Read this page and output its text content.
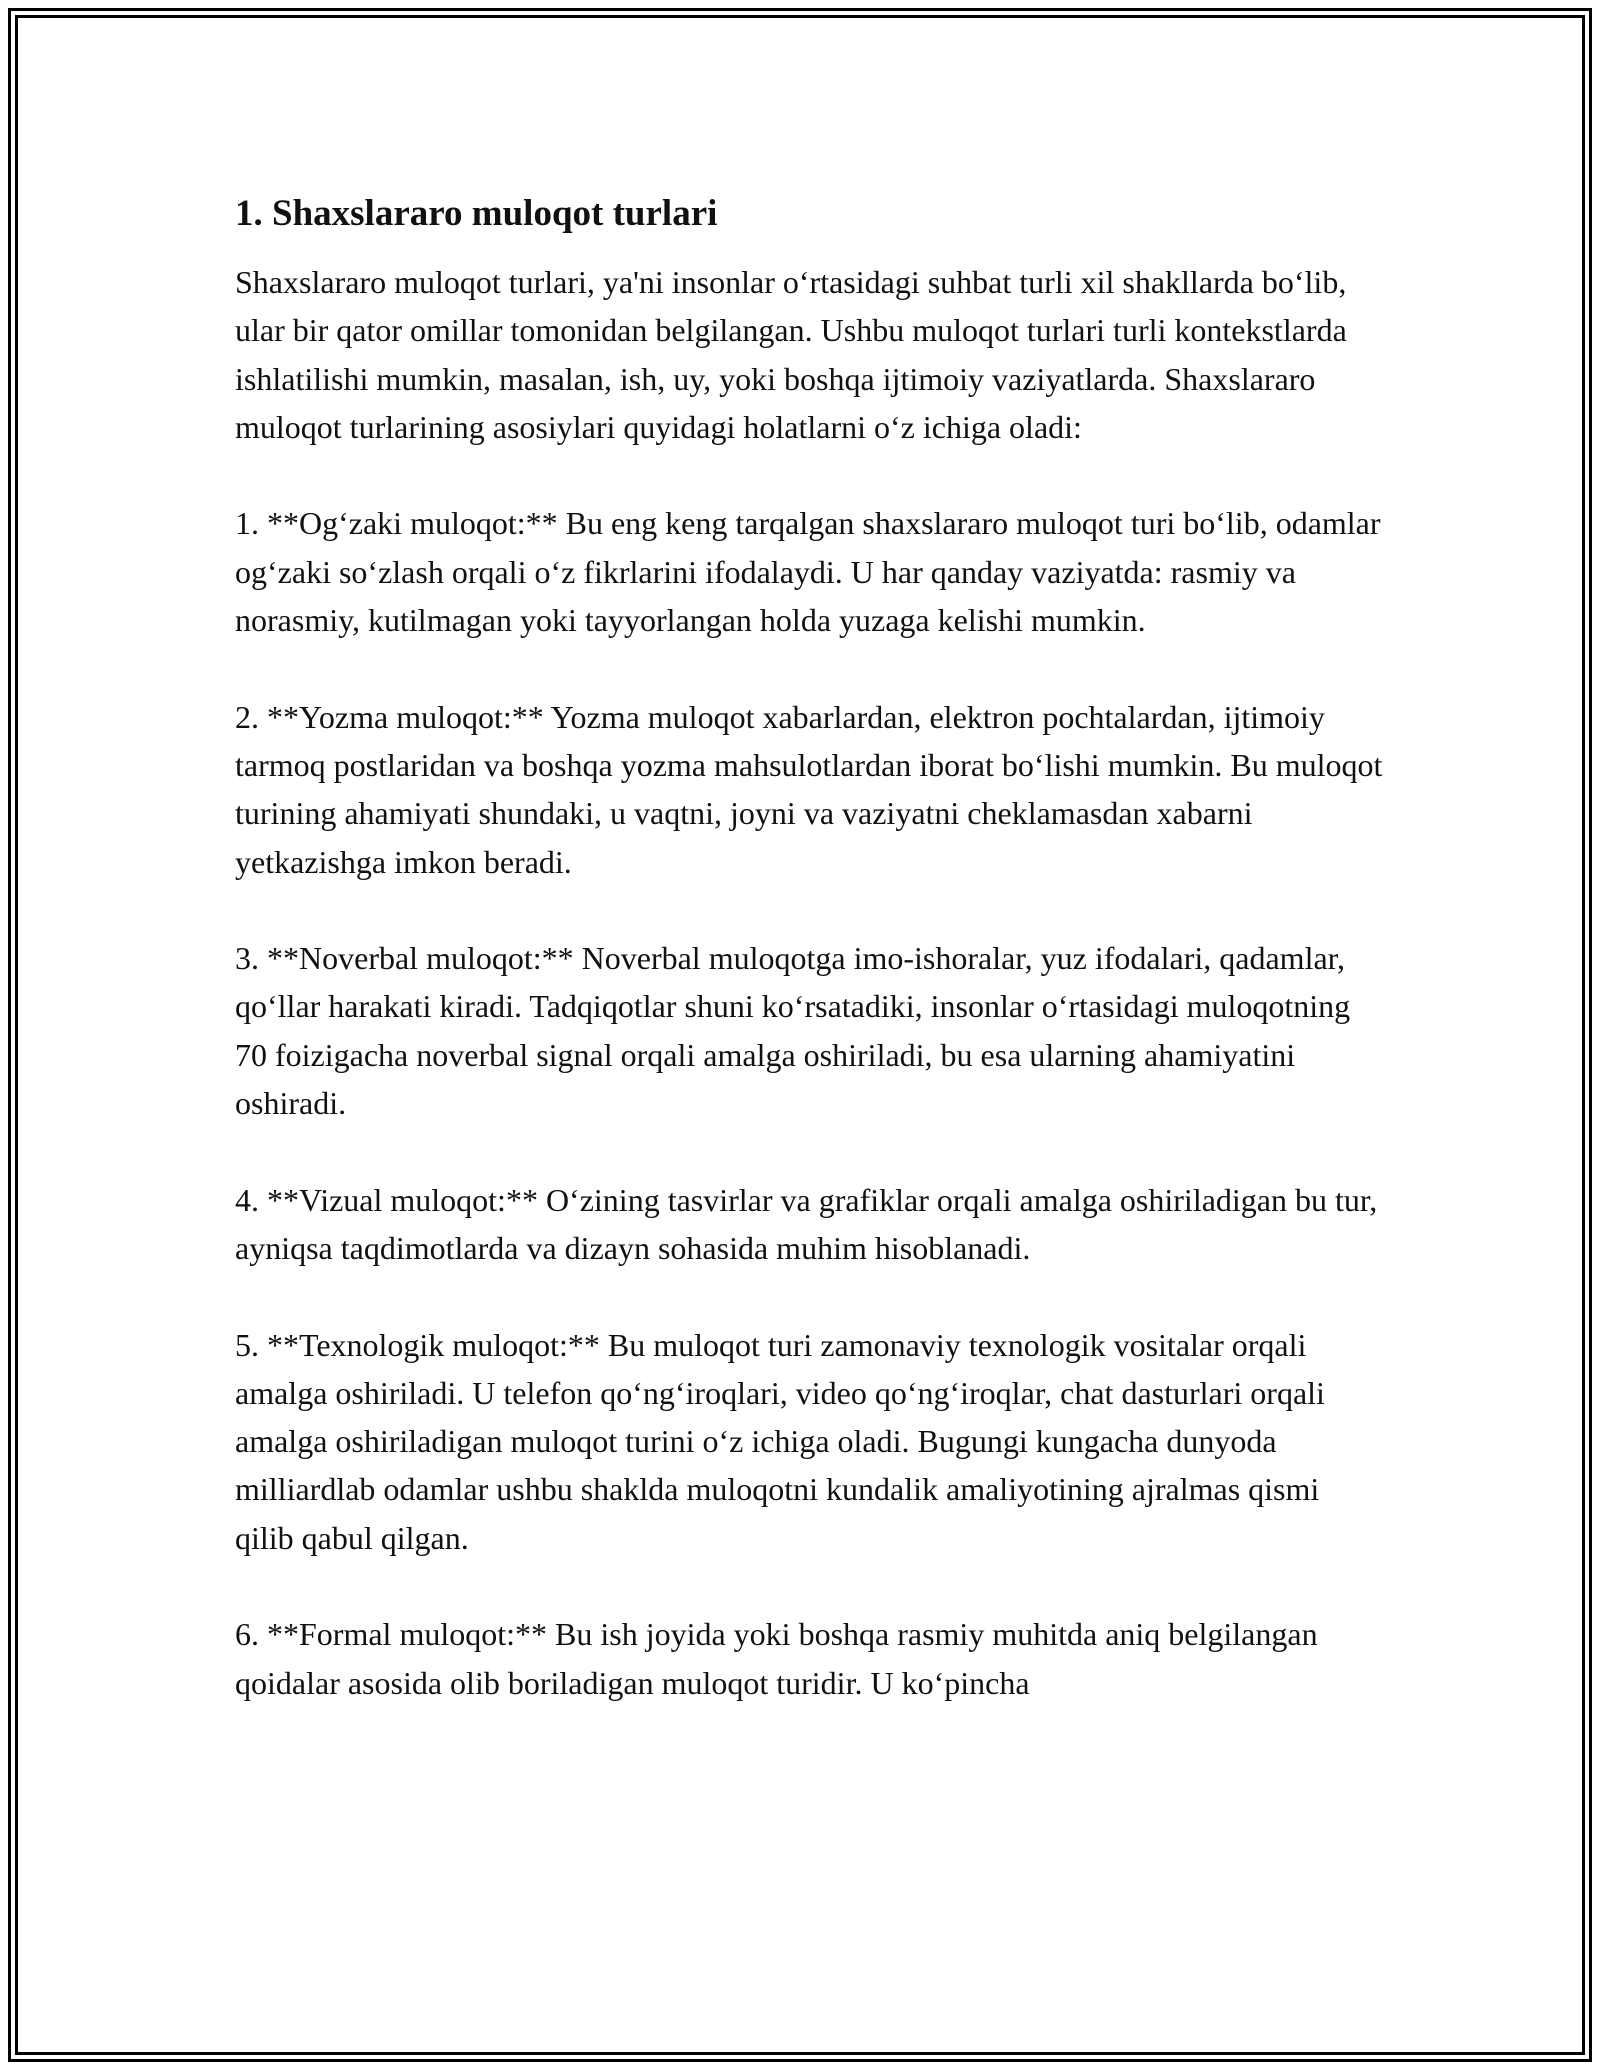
1. Shaxslararo muloqot turlari

Shaxslararo muloqot turlari, ya'ni insonlar oʻrtasidagi suhbat turli xil shakllarda boʻlib, ular bir qator omillar tomonidan belgilangan. Ushbu muloqot turlari turli kontekstlarda ishlatilishi mumkin, masalan, ish, uy, yoki boshqa ijtimoiy vaziyatlarda. Shaxslararo muloqot turlarining asosiylari quyidagi holatlarni oʻz ichiga oladi:

1. **Ogʻzaki muloqot:** Bu eng keng tarqalgan shaxslararo muloqot turi boʻlib, odamlar ogʻzaki soʻzlash orqali oʻz fikrlarini ifodalaydi. U har qanday vaziyatda: rasmiy va norasmiy, kutilmagan yoki tayyorlangan holda yuzaga kelishi mumkin.

2. **Yozma muloqot:** Yozma muloqot xabarlardan, elektron pochtalardan, ijtimoiy tarmoq postlaridan va boshqa yozma mahsulotlardan iborat boʻlishi mumkin. Bu muloqot turining ahamiyati shundaki, u vaqtni, joyni va vaziyatni cheklamasdan xabarni yetkazishga imkon beradi.

3. **Noverbal muloqot:** Noverbal muloqotga imo-ishoralar, yuz ifodalari, qadamlar, qoʻllar harakati kiradi. Tadqiqotlar shuni koʻrsatadiki, insonlar oʻrtasidagi muloqotning 70 foizigacha noverbal signal orqali amalga oshiriladi, bu esa ularning ahamiyatini oshiradi.

4. **Vizual muloqot:** Oʻzining tasvirlar va grafiklar orqali amalga oshiriladigan bu tur, ayniqsa taqdimotlarda va dizayn sohasida muhim hisoblanadi.

5. **Texnologik muloqot:** Bu muloqot turi zamonaviy texnologik vositalar orqali amalga oshiriladi. U telefon qoʻngʻiroqlari, video qoʻngʻiroqlar, chat dasturlari orqali amalga oshiriladigan muloqot turini oʻz ichiga oladi. Bugungi kungacha dunyoda milliardlab odamlar ushbu shaklda muloqotni kundalik amaliyotining ajralmas qismi qilib qabul qilgan.

6. **Formal muloqot:** Bu ish joyida yoki boshqa rasmiy muhitda aniq belgilangan qoidalar asosida olib boriladigan muloqot turidir. U koʻpincha
